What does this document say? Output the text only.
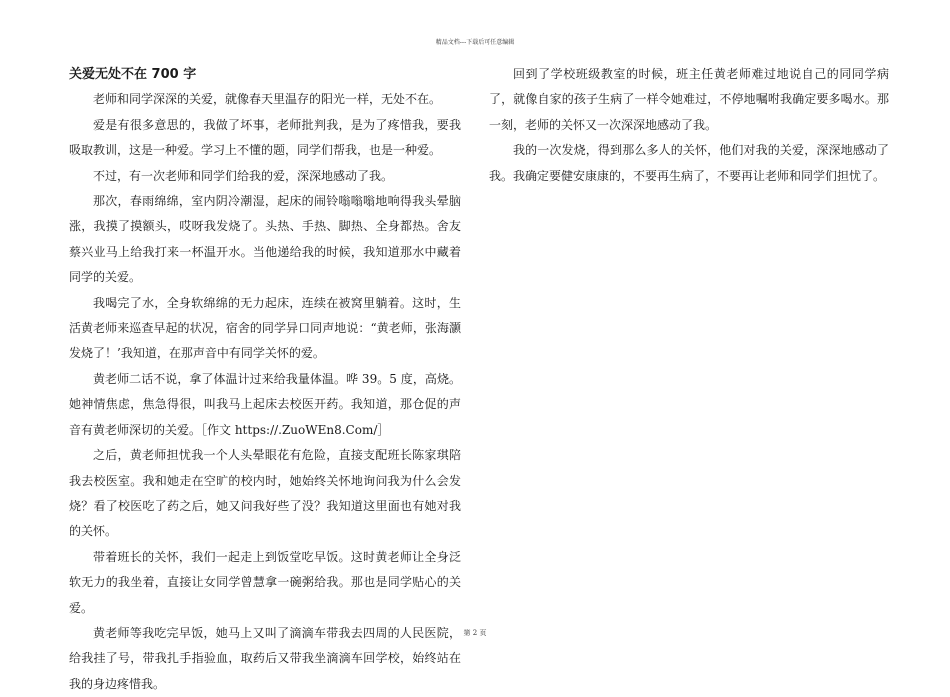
精品文档---下载后可任意编辑
关爱无处不在 700 字

老师和同学深深的关爱，就像春天里温存的阳光一样，无处不在。

爱是有很多意思的，我做了坏事，老师批判我，是为了疼惜我，要我吸取教训，这是一种爱。学习上不懂的题，同学们帮我，也是一种爱。

不过，有一次老师和同学们给我的爱，深深地感动了我。

那次，春雨绵绵，室内阴冷潮湿，起床的闹铃嗡嗡嗡地响得我头晕脑涨，我摸了摸额头，哎呀我发烧了。头热、手热、脚热、全身都热。舍友蔡兴业马上给我打来一杯温开水。当他递给我的时候，我知道那水中藏着同学的关爱。

我喝完了水，全身软绵绵的无力起床，连续在被窝里躺着。这时，生活黄老师来巡查早起的状况，宿舍的同学异口同声地说：“黄老师，张海灏发烧了！’我知道，在那声音中有同学关怀的爱。

黄老师二话不说，拿了体温计过来给我量体温。哗 39。5 度，高烧。她神情焦虑，焦急得很，叫我马上起床去校医开药。我知道，那仓促的声音有黄老师深切的关爱。［作文 https://.ZuoWEn8.Com/］

之后，黄老师担忧我一个人头晕眼花有危险，直接支配班长陈家琪陪我去校医室。我和她走在空旷的校内时，她始终关怀地询问我为什么会发烧？看了校医吃了药之后，她又问我好些了没？我知道这里面也有她对我的关怀。

带着班长的关怀，我们一起走上到饭堂吃早饭。这时黄老师让全身泛软无力的我坐着，直接让女同学曾慧拿一碗粥给我。那也是同学贴心的关爱。

黄老师等我吃完早饭，她马上又叫了滴滴车带我去四周的人民医院，给我挂了号，带我扎手指验血，取药后又带我坐滴滴车回学校，始终站在我的身边疼惜我。

回到了学校班级教室的时候，班主任黄老师难过地说自己的同同学病了，就像自家的孩子生病了一样令她难过，不停地嘱咐我确定要多喝水。那一刻，老师的关怀又一次深深地感动了我。

我的一次发烧，得到那么多人的关怀，他们对我的关爱，深深地感动了我。我确定要健安康康的，不要再生病了，不要再让老师和同学们担忧了。

第 2 页
